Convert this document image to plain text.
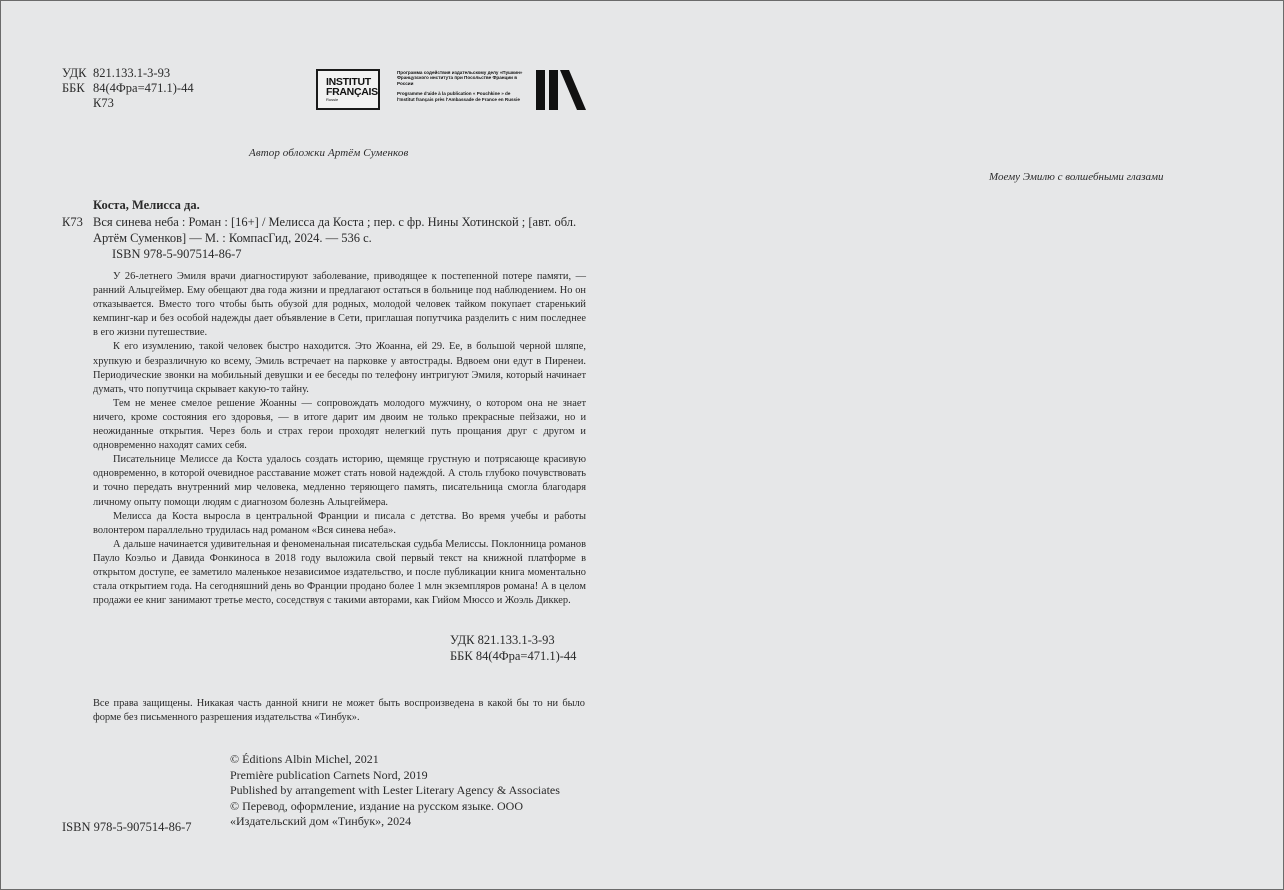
УДК 821.133.1-3-93
ББК 84(4Фра=471.1)-44
К73
INSTITUT
FRANÇAIS
Russie
Программа содействия издательскому делу «Пушкин» Французского института при Посольстве Франции в России
Programme d'aide à la publication « Pouchkine » de l'Institut français près l'Ambassade de France en Russie
Автор обложки Артём Суменков
Моему Эмилю с волшебными глазами
Коста, Мелисса да.
К73 Вся синева неба : Роман : [16+] / Мелисса да Коста ; пер. с фр. Нины Хотинской ; [авт. обл. Артём Суменков] — М. : КомпасГид, 2024. — 536 с.
ISBN 978-5-907514-86-7

У 26-летнего Эмиля врачи диагностируют заболевание, приводящее к постепенной потере памяти, — ранний Альцгеймер. Ему обещают два года жизни и предлагают остаться в больнице под наблюдением. Но он отказывается. Вместо того чтобы быть обузой для родных, молодой человек тайком покупает старенький кемпинг-кар и без особой надежды дает объявление в Сети, приглашая попутчика разделить с ним последнее в его жизни путешествие.

К его изумлению, такой человек быстро находится. Это Жоанна, ей 29. Ее, в большой черной шляпе, хрупкую и безразличную ко всему, Эмиль встречает на парковке у автострады. Вдвоем они едут в Пиренеи. Периодические звонки на мобильный девушки и ее беседы по телефону интригуют Эмиля, который начинает думать, что попутчица скрывает какую-то тайну.

Тем не менее смелое решение Жоанны — сопровождать молодого мужчину, о котором она не знает ничего, кроме состояния его здоровья, — в итоге дарит им двоим не только прекрасные пейзажи, но и неожиданные открытия. Через боль и страх герои проходят нелегкий путь прощания друг с другом и одновременно находят самих себя.

Писательнице Мелиссе да Коста удалось создать историю, щемяще грустную и потрясающе красивую одновременно, в которой очевидное расставание может стать новой надеждой. А столь глубоко почувствовать и точно передать внутренний мир человека, медленно теряющего память, писательница смогла благодаря личному опыту помощи людям с диагнозом болезнь Альцгеймера.

Мелисса да Коста выросла в центральной Франции и писала с детства. Во время учебы и работы волонтером параллельно трудилась над романом «Вся синева неба».

А дальше начинается удивительная и феноменальная писательская судьба Мелиссы. Поклонница романов Пауло Коэльо и Давида Фонкиноса в 2018 году выложила свой первый текст на книжной платформе в открытом доступе, ее заметило маленькое независимое издательство, и после публикации книга моментально стала открытием года. На сегодняшний день во Франции продано более 1 млн экземпляров романа! А в целом продажи ее книг занимают третье место, соседствуя с такими авторами, как Гийом Мюссо и Жоэль Диккер.

УДК 821.133.1-3-93
ББК 84(4Фра=471.1)-44
Все права защищены. Никакая часть данной книги не может быть воспроизведена в какой бы то ни было форме без письменного разрешения издательства «Тинбук».
© Éditions Albin Michel, 2021
Première publication Carnets Nord, 2019
Published by arrangement with Lester Literary Agency & Associates
© Перевод, оформление, издание на русском языке. ООО «Издательский дом «Тинбук», 2024
ISBN 978-5-907514-86-7
